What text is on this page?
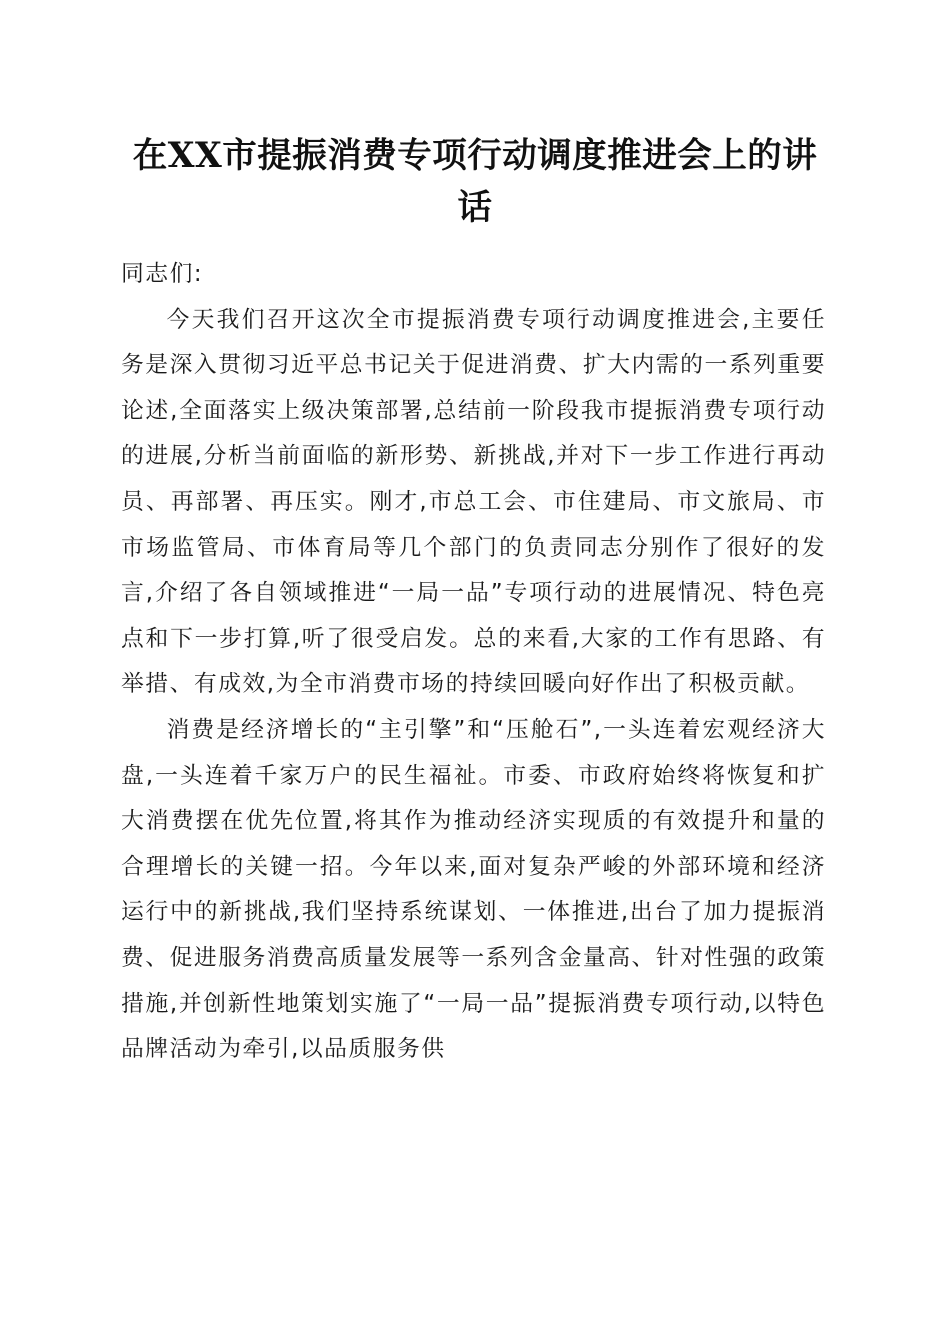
在XX市提振消费专项行动调度推进会上的讲话

同志们:

今天我们召开这次全市提振消费专项行动调度推进会,主要任务是深入贯彻习近平总书记关于促进消费、扩大内需的一系列重要论述,全面落实上级决策部署,总结前一阶段我市提振消费专项行动的进展,分析当前面临的新形势、新挑战,并对下一步工作进行再动员、再部署、再压实。刚才,市总工会、市住建局、市文旅局、市市场监管局、市体育局等几个部门的负责同志分别作了很好的发言,介绍了各自领域推进“一局一品”专项行动的进展情况、特色亮点和下一步打算,听了很受启发。总的来看,大家的工作有思路、有举措、有成效,为全市消费市场的持续回暖向好作出了积极贡献。

消费是经济增长的“主引擎”和“压舱石”,一头连着宏观经济大盘,一头连着千家万户的民生福祉。市委、市政府始终将恢复和扩大消费摆在优先位置,将其作为推动经济实现质的有效提升和量的合理增长的关键一招。今年以来,面对复杂严峻的外部环境和经济运行中的新挑战,我们坚持系统谋划、一体推进,出台了加力提振消费、促进服务消费高质量发展等一系列含金量高、针对性强的政策措施,并创新性地策划实施了“一局一品”提振消费专项行动,以特色品牌活动为牵引,以品质服务供
